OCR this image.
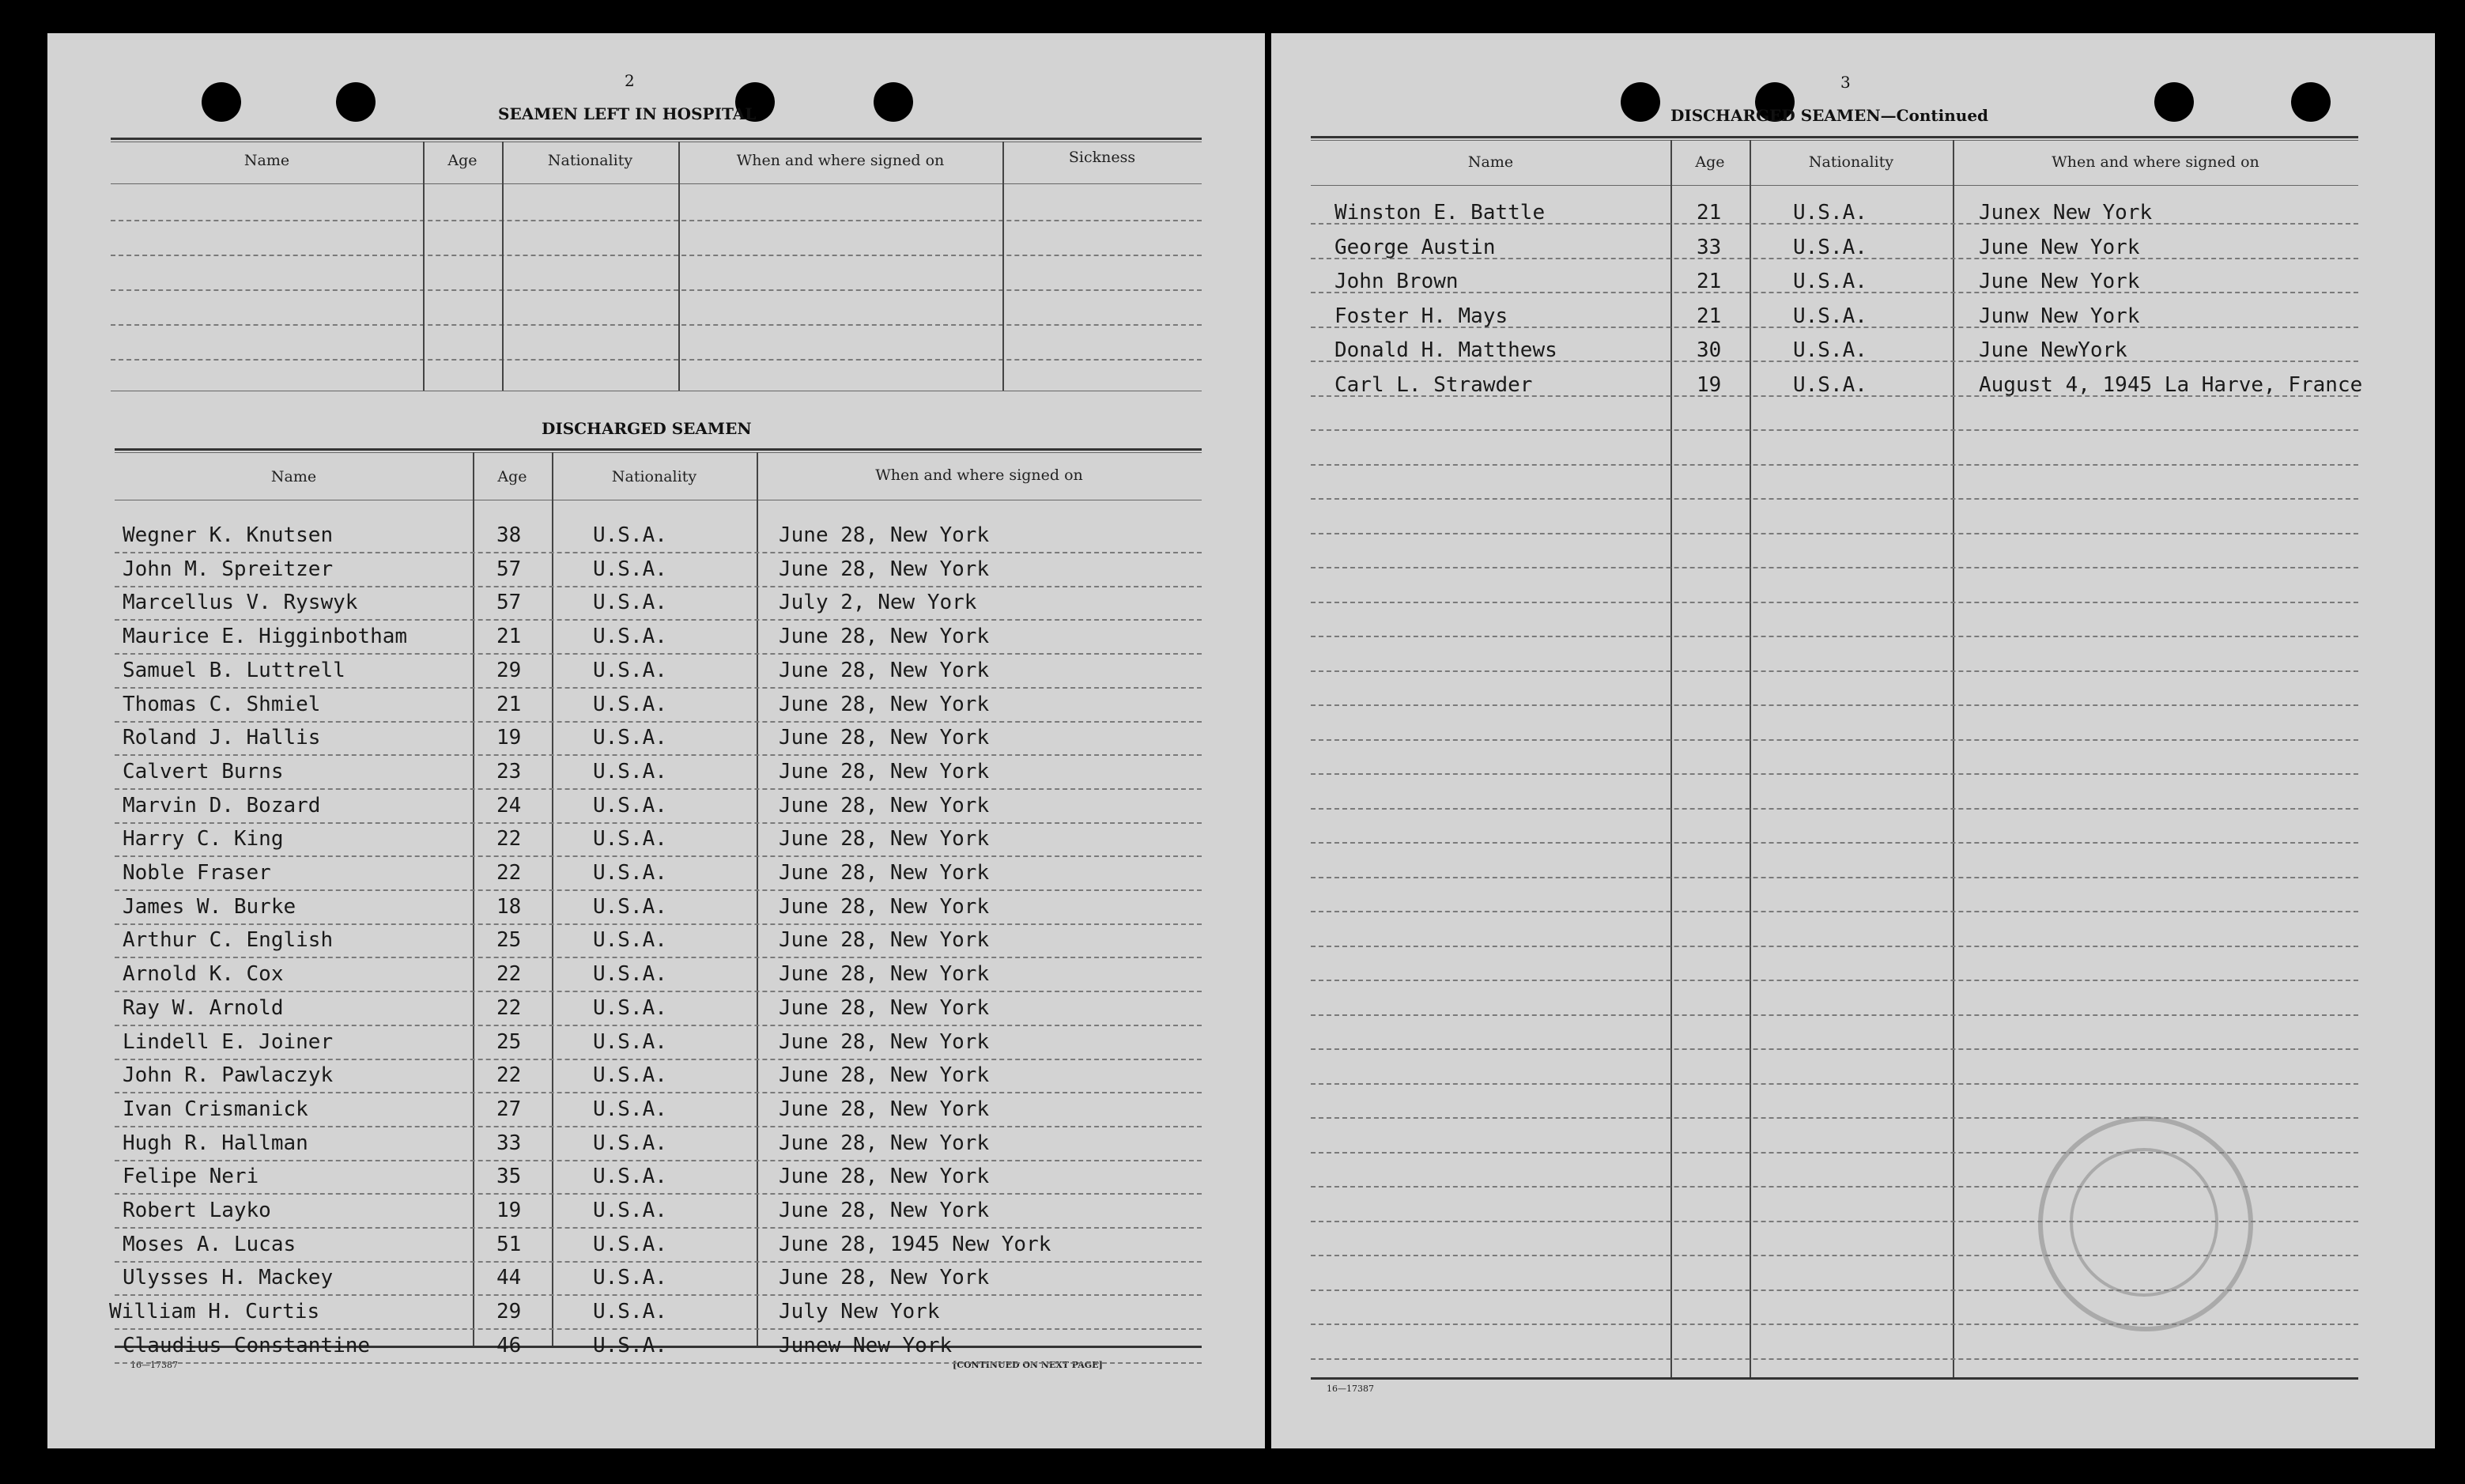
2
SEAMEN LEFT IN HOSPITAL
Name	Age	Nationality	When and where signed on	Sickness
DISCHARGED SEAMEN
Name	Age	Nationality	When and where signed on
16—17387	[CONTINUED ON NEXT PAGE]
Wegner K. Knutsen	38	U.S.A.	June 28, New York
John M. Spreitzer	57	U.S.A.	June 28, New York
Marcellus V. Ryswyk	57	U.S.A.	July 2, New York
Maurice E. Higginbotham	21	U.S.A.	June 28, New York
Samuel B. Luttrell	29	U.S.A.	June 28, New York
Thomas C. Shmiel	21	U.S.A.	June 28, New York
Roland J. Hallis	19	U.S.A.	June 28, New York
Calvert Burns	23	U.S.A.	June 28, New York
Marvin D. Bozard	24	U.S.A.	June 28, New York
Harry C. King	22	U.S.A.	June 28, New York
Noble Fraser	22	U.S.A.	June 28, New York
James W. Burke	18	U.S.A.	June 28, New York
Arthur C. English	25	U.S.A.	June 28, New York
Arnold K. Cox	22	U.S.A.	June 28, New York
Ray W. Arnold	22	U.S.A.	June 28, New York
Lindell E. Joiner	25	U.S.A.	June 28, New York
John R. Pawlaczyk	22	U.S.A.	June 28, New York
Ivan Crismanick	27	U.S.A.	June 28, New York
Hugh R. Hallman	33	U.S.A.	June 28, New York
Felipe Neri	35	U.S.A.	June 28, New York
Robert Layko	19	U.S.A.	June 28, New York
Moses A. Lucas	51	U.S.A.	June 28, 1945 New York
Ulysses H. Mackey	44	U.S.A.	June 28, New York
William H. Curtis	29	U.S.A.	July New York
Claudius Constantine	46	U.S.A.	Junew New York
3
DISCHARGED SEAMEN—Continued
Name	Age	Nationality	When and where signed on
16—17387
Winston E. Battle	21	U.S.A.	Junex New York
George Austin	33	U.S.A.	June New York
John Brown	21	U.S.A.	June New York
Foster H. Mays	21	U.S.A.	Junw New York
Donald H. Matthews	30	U.S.A.	June NewYork
Carl L. Strawder	19	U.S.A.	August 4, 1945 La Harve, France
